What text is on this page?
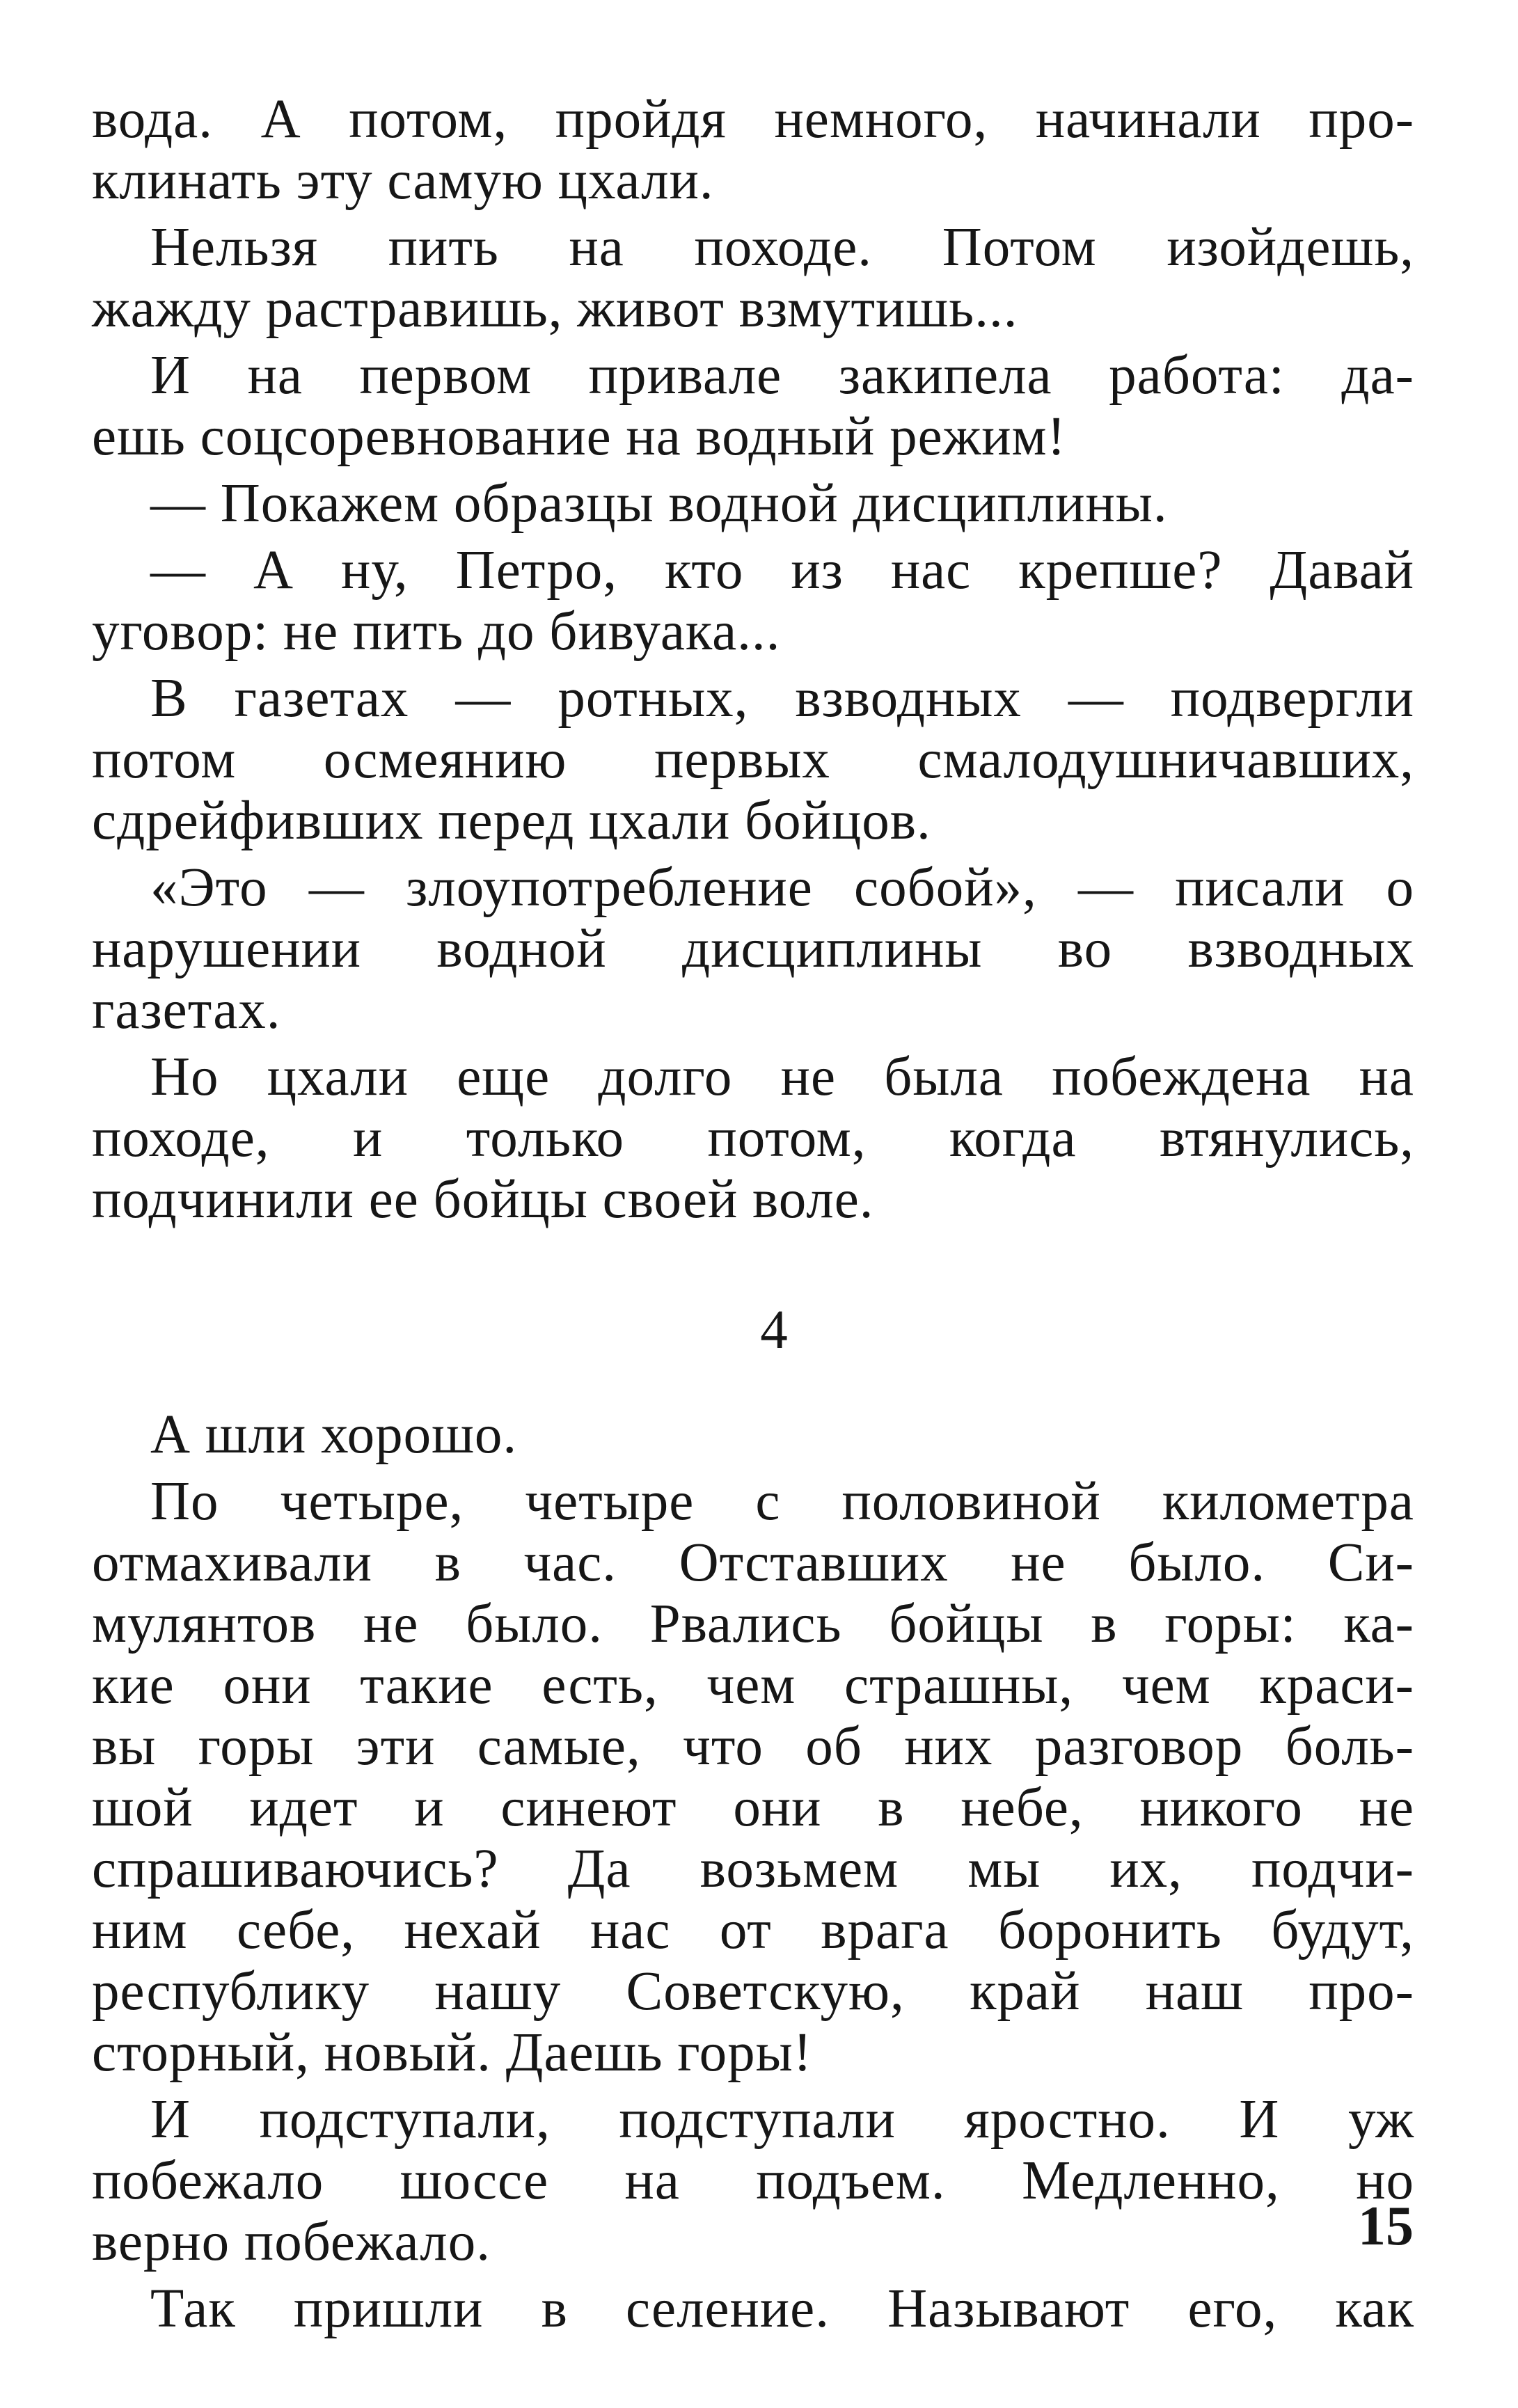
вода. А потом, пройдя немного, начинали про-
клинать эту самую цхали.
Нельзя пить на походе. Потом изойдешь,
жажду растравишь, живот взмутишь...
И на первом привале закипела работа: да-
ешь соцсоревнование на водный режим!
— Покажем образцы водной дисциплины.
— А ну, Петро, кто из нас крепше? Давай
уговор: не пить до бивуака...
В газетах — ротных, взводных — подвергли
потом осмеянию первых смалодушничавших,
сдрейфивших перед цхали бойцов.
«Это — злоупотребление собой», — писали о
нарушении водной дисциплины во взводных
газетах.
Но цхали еще долго не была побеждена на
походе, и только потом, когда втянулись,
подчинили ее бойцы своей воле.
4
А шли хорошо.
По четыре, четыре с половиной километра
отмахивали в час. Отставших не было. Си-
мулянтов не было. Рвались бойцы в горы: ка-
кие они такие есть, чем страшны, чем краси-
вы горы эти самые, что об них разговор боль-
шой идет и синеют они в небе, никого не
спрашиваючись? Да возьмем мы их, подчи-
ним себе, нехай нас от врага боронить будут,
республику нашу Советскую, край наш про-
сторный, новый. Даешь горы!
И подступали, подступали яростно. И уж
побежало шоссе на подъем. Медленно, но
верно побежало.
Так пришли в селение. Называют его, как
15
